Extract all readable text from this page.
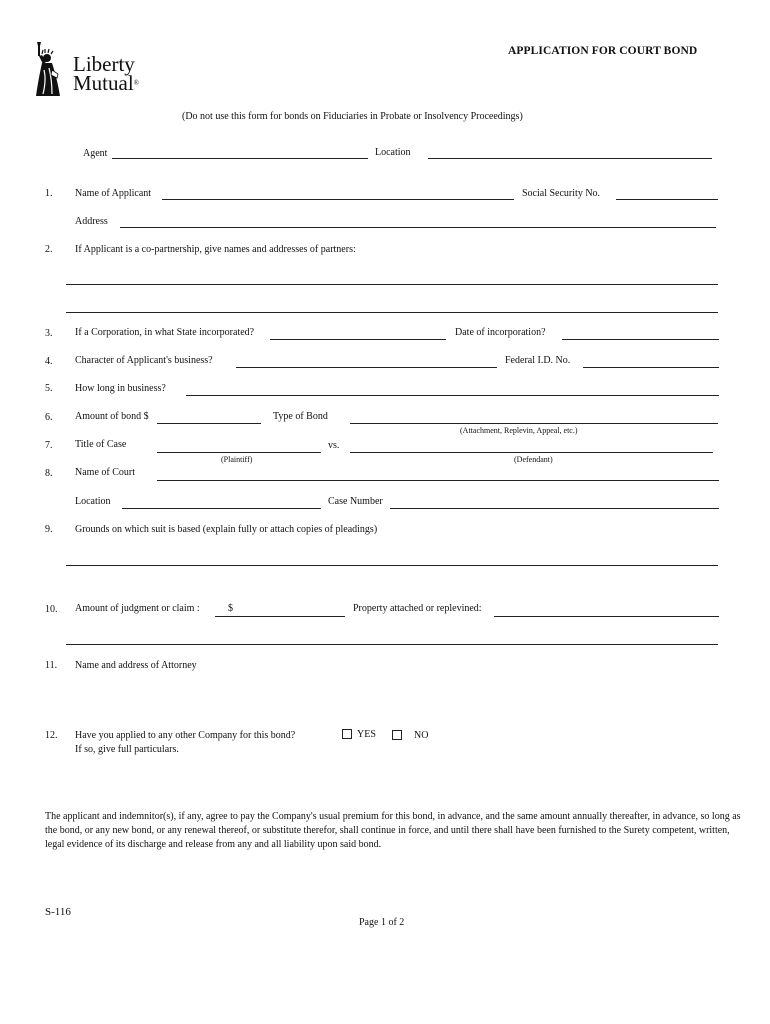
Liberty
Mutual®
APPLICATION FOR COURT BOND
(Do not use this form for bonds on Fiduciaries in Probate or Insolvency Proceedings)
Agent	Location
1. Name of Applicant	Social Security No.
Address
2. If Applicant is a co-partnership, give names and addresses of partners:
3. If a Corporation, in what State incorporated?	Date of incorporation?
4. Character of Applicant's business?	Federal I.D. No.
5. How long in business?
6. Amount of bond $	Type of Bond
(Attachment, Replevin, Appeal, etc.)
7. Title of Case
(Plaintiff)
vs.
(Defendant)
8. Name of Court
Location	Case Number
9. Grounds on which suit is based (explain fully or attach copies of pleadings)
10. Amount of judgment or claim :	$	Property attached or replevined:
11. Name and address of Attorney
12. Have you applied to any other Company for this bond?
If so, give full particulars.
YES	NO
The applicant and indemnitor(s), if any, agree to pay the Company's usual premium for this bond, in advance, and the same amount annually thereafter, in advance, so long as the bond, or any new bond, or any renewal thereof, or substitute therefor, shall continue in force, and until there shall have been furnished to the Surety competent, written, legal evidence of its discharge and release from any and all liability upon said bond.
S-116
Page 1 of 2
